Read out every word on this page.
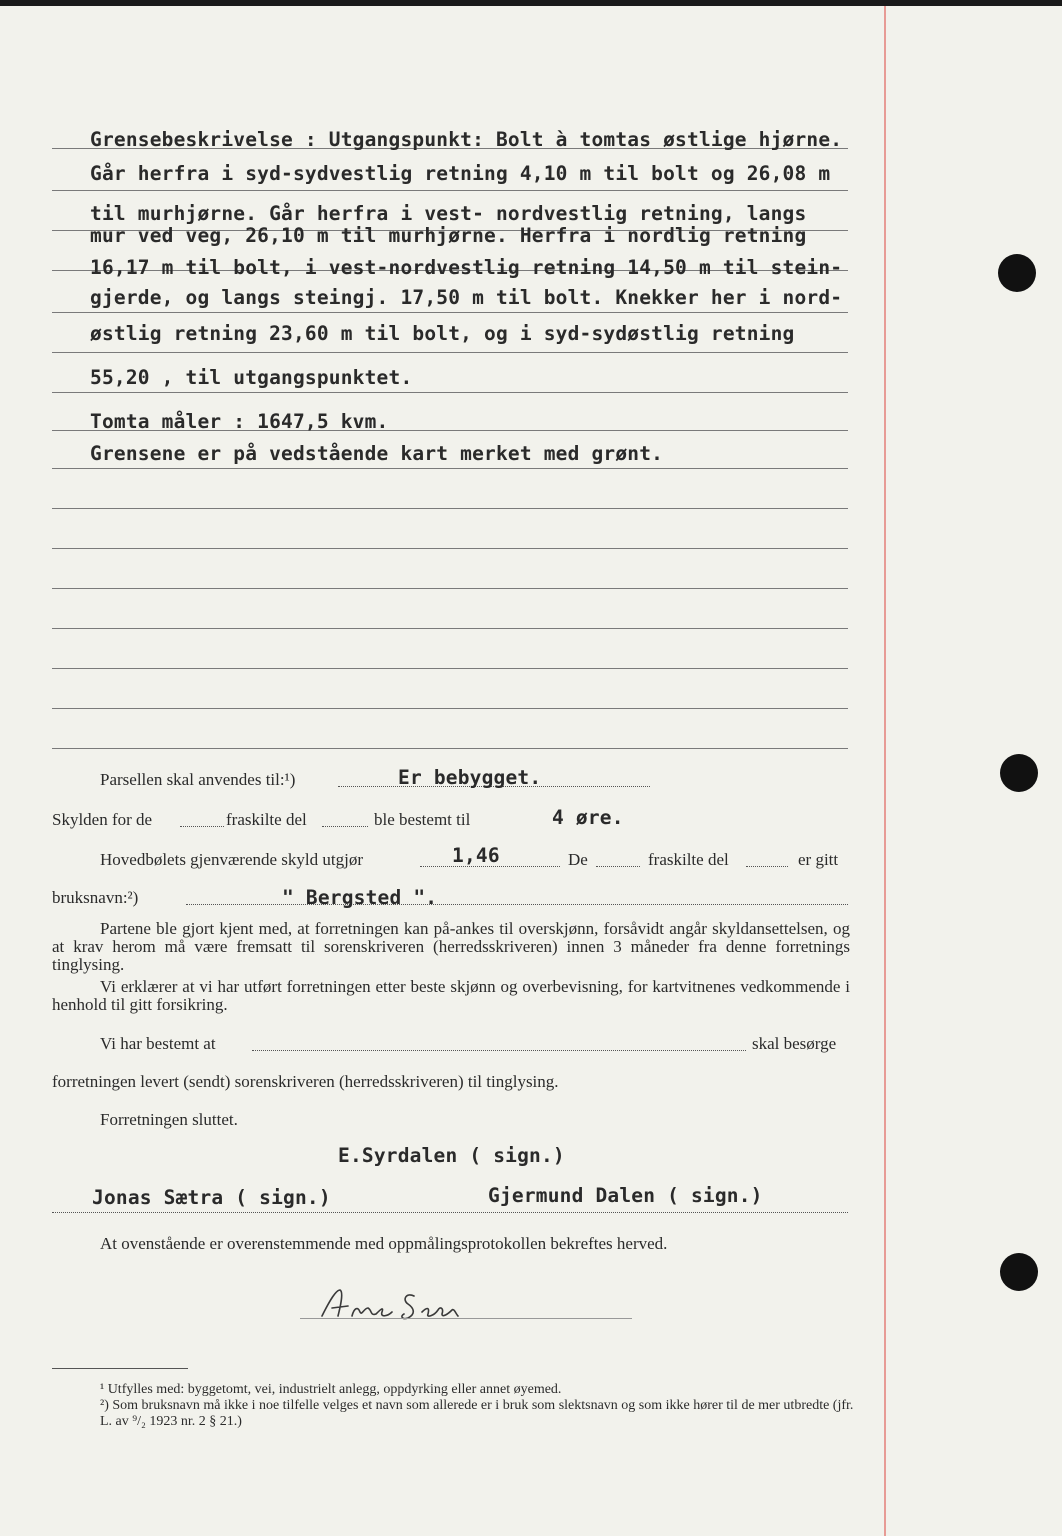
Grensebeskrivelse : Utgangspunkt: Bolt à tomtas østlige hjørne.
Går herfra i syd-sydvestlig retning 4,10 m til bolt og 26,08 m
til murhjørne. Går herfra i vest- nordvestlig retning, langs
mur ved veg, 26,10 m til murhjørne. Herfra i nordlig retning
16,17 m til bolt, i vest-nordvestlig retning 14,50 m til stein-
gjerde, og langs steingj. 17,50 m til bolt. Knekker her i nord-
østlig retning 23,60 m til bolt, og i syd-sydøstlig retning
55,20 , til utgangspunktet.
Tomta måler : 1647,5 kvm.
Grensene er på vedstående kart merket med grønt.
Parsellen skal anvendes til:¹)	Er bebygget.
Skylden for de	fraskilte del	ble bestemt til	4 øre.
Hovedbølets gjenværende skyld utgjør	1,46	De	fraskilte del	er gitt
bruksnavn:²)	" Bergsted ".
Partene ble gjort kjent med, at forretningen kan på-ankes til overskjønn, forsåvidt angår skyldansettelsen, og at krav herom må være fremsatt til sorenskriveren (herredsskriveren) innen 3 måneder fra denne forretnings tinglysing.
Vi erklærer at vi har utført forretningen etter beste skjønn og overbevisning, for kartvitnenes vedkommende i henhold til gitt forsikring.
Vi har bestemt at	skal besørge
forretningen levert (sendt) sorenskriveren (herredsskriveren) til tinglysing.
Forretningen sluttet.
E.Syrdalen ( sign.)
Jonas Sætra ( sign.)	Gjermund Dalen ( sign.)
At ovenstående er overenstemmende med oppmålingsprotokollen bekreftes herved.
¹ Utfylles med: byggetomt, vei, industrielt anlegg, oppdyrking eller annet øyemed.
²) Som bruksnavn må ikke i noe tilfelle velges et navn som allerede er i bruk som slektsnavn og som ikke hører til de mer utbredte (jfr. L. av ⁹/₂ 1923 nr. 2 § 21.)
